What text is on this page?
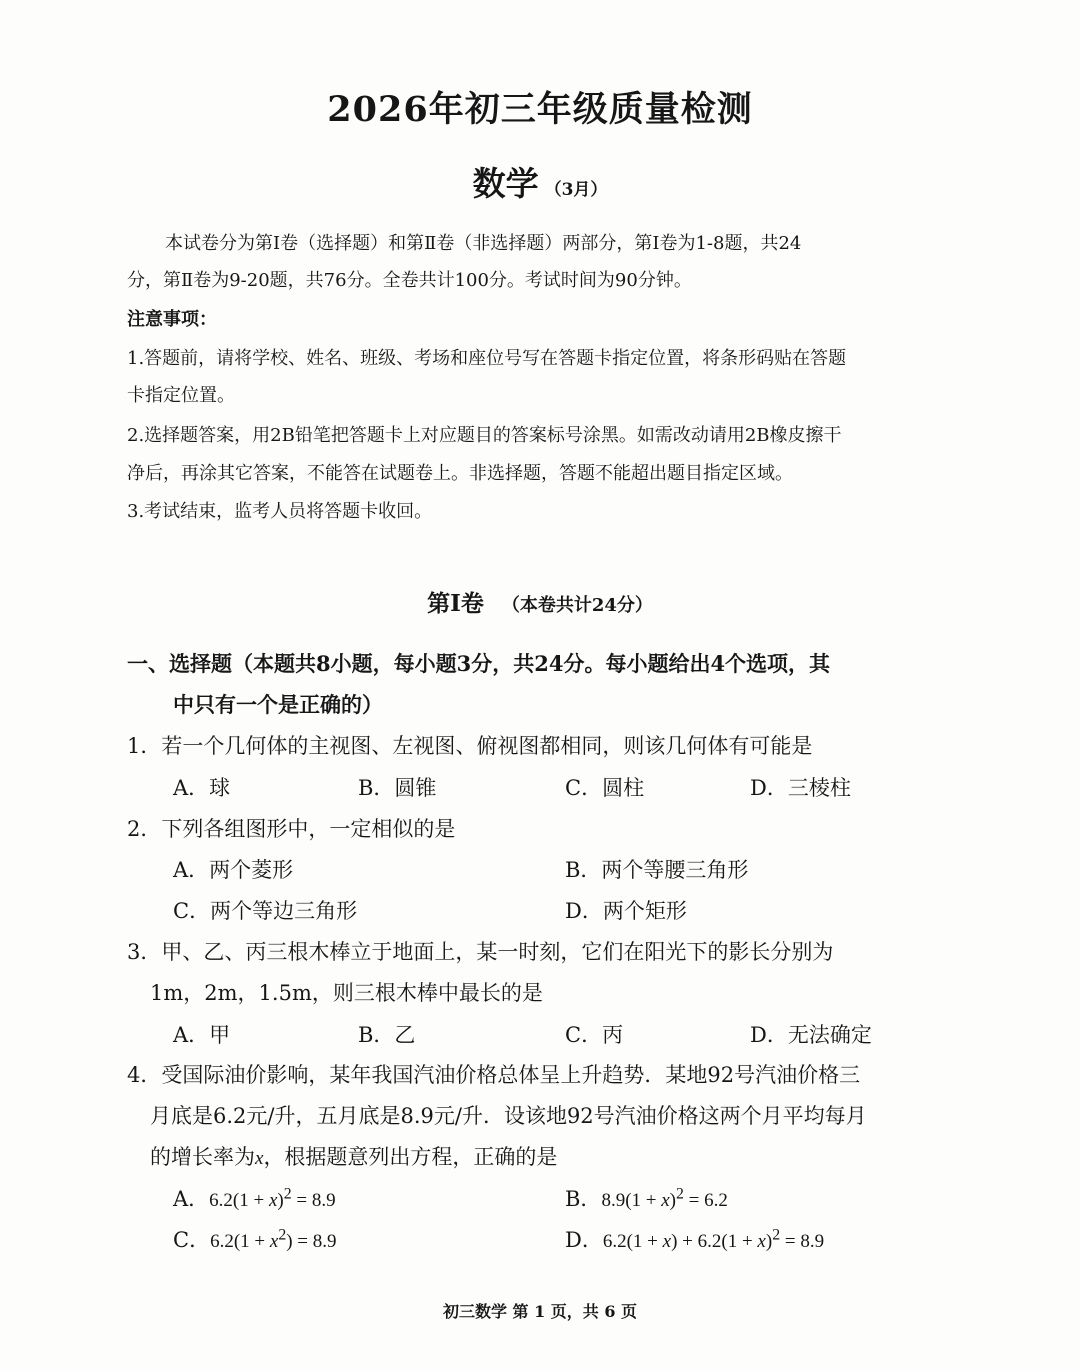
2026年初三年级质量检测
数学 （3月）
本试卷分为第Ⅰ卷（选择题）和第Ⅱ卷（非选择题）两部分，第Ⅰ卷为1-8题，共24
分，第Ⅱ卷为9-20题，共76分。全卷共计100分。考试时间为90分钟。
注意事项：
1.答题前，请将学校、姓名、班级、考场和座位号写在答题卡指定位置，将条形码贴在答题
卡指定位置。
2.选择题答案，用2B铅笔把答题卡上对应题目的答案标号涂黑。如需改动请用2B橡皮擦干
净后，再涂其它答案，不能答在试题卷上。非选择题，答题不能超出题目指定区域。
3.考试结束，监考人员将答题卡收回。
第Ⅰ卷 （本卷共计24分）
一、选择题（本题共8小题，每小题3分，共24分。每小题给出4个选项，其
中只有一个是正确的）
1．若一个几何体的主视图、左视图、俯视图都相同，则该几何体有可能是
A．球	B．圆锥	C．圆柱	D．三棱柱
2．下列各组图形中，一定相似的是
A．两个菱形	B．两个等腰三角形
C．两个等边三角形	D．两个矩形
3．甲、乙、丙三根木棒立于地面上，某一时刻，它们在阳光下的影长分别为
1m，2m，1.5m，则三根木棒中最长的是
A．甲	B．乙	C．丙	D．无法确定
4．受国际油价影响，某年我国汽油价格总体呈上升趋势．某地92号汽油价格三
月底是6.2元/升，五月底是8.9元/升．设该地92号汽油价格这两个月平均每月
的增长率为x，根据题意列出方程，正确的是
A．$6.2(1 + x)^2 = 8.9$	B．$8.9(1 + x)^2 = 6.2$
C．$6.2(1 + x^2) = 8.9$	D．$6.2(1 + x) + 6.2(1 + x)^2 = 8.9$
初三数学 第 1 页，共 6 页
